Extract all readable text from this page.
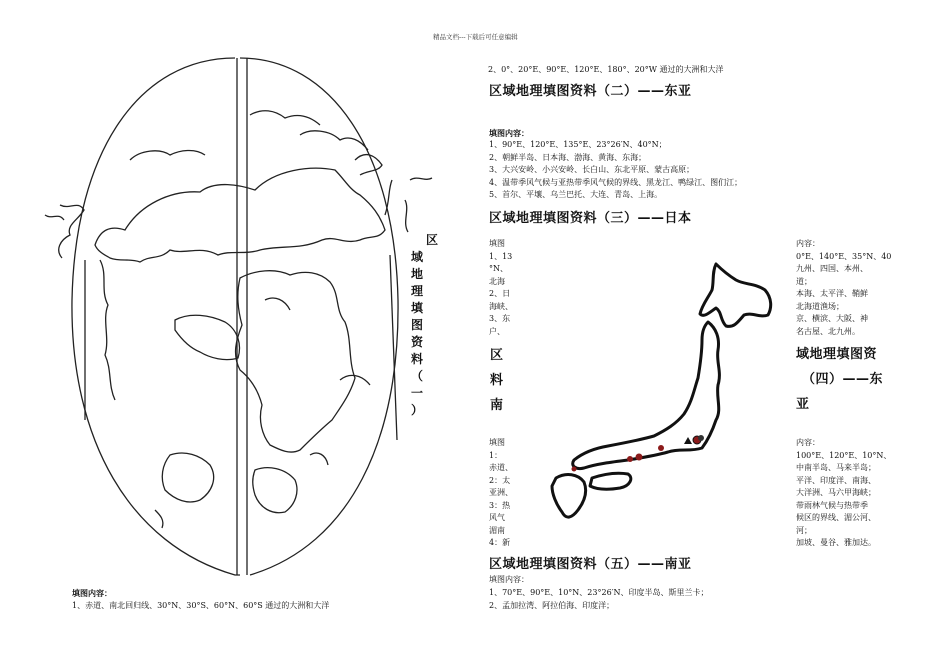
精品文档---下载后可任意编辑
区
域
地
理
填
图
资
料
（
一
）
填图内容：
1、赤道、南北回归线、30°N、30°S、60°N、60°S 通过的大洲和大洋
2、0°、20°E、90°E、120°E、180°、20°W 通过的大洲和大洋
区域地理填图资料（二）——东亚
填图内容：
1、90°E、120°E、135°E、23°26′N、40°N；
2、朝鲜半岛、日本海、渤海、黄海、东海；
3、大兴安岭、小兴安岭、长白山、东北平原、蒙古高原；
4、温带季风气候与亚热带季风气候的界线、黑龙江、鸭绿江、图们江；
5、首尔、平壤、乌兰巴托、大连、青岛、上海。
区域地理填图资料（三）——日本
填图
1、13
°N、
北海
2、日
海峡、
3、东
户、
内容：
0°E、140°E、35°N、40
九州、四国、本州、
道；
本海、太平洋、鞘鲜
北海道渔场；
京、横滨、大阪、神
名古屋、北九州。
区
料
南
域地理填图资
（四）——东
亚
填图
1：
赤道、
2：太
亚洲、
3：热
风气
湄南
4：新
内容：
100°E、120°E、10°N、
中南半岛、马来半岛；
平洋、印度洋、南海、
大洋洲、马六甲海峡；
带雨林气候与热带季
候区的界线、湄公河、
河；
加坡、曼谷、雅加达。
区域地理填图资料（五）——南亚
填图内容：
1、70°E、90°E、10°N、23°26′N、印度半岛、斯里兰卡；
2、孟加拉湾、阿拉伯海、印度洋；
